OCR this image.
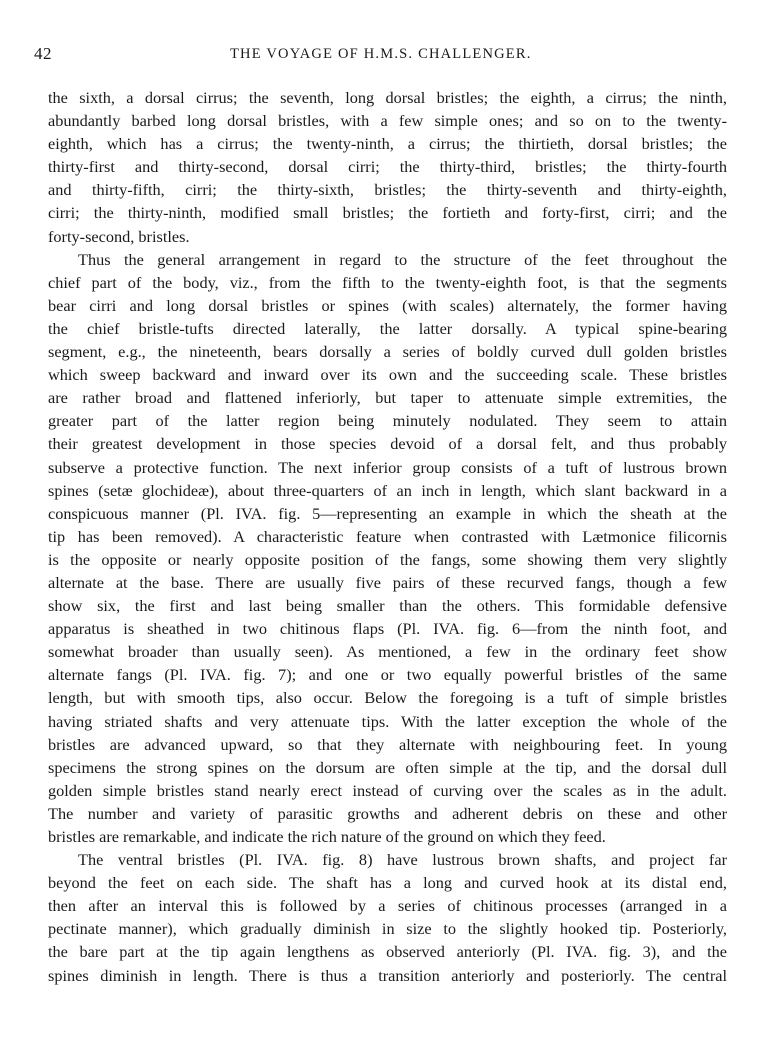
42	THE VOYAGE OF H.M.S. CHALLENGER.
the sixth, a dorsal cirrus; the seventh, long dorsal bristles; the eighth, a cirrus; the ninth,
abundantly barbed long dorsal bristles, with a few simple ones; and so on to the twenty-
eighth, which has a cirrus; the twenty-ninth, a cirrus; the thirtieth, dorsal bristles; the
thirty-first and thirty-second, dorsal cirri; the thirty-third, bristles; the thirty-fourth
and thirty-fifth, cirri; the thirty-sixth, bristles; the thirty-seventh and thirty-eighth,
cirri; the thirty-ninth, modified small bristles; the fortieth and forty-first, cirri; and the
forty-second, bristles.
Thus the general arrangement in regard to the structure of the feet throughout the
chief part of the body, viz., from the fifth to the twenty-eighth foot, is that the segments
bear cirri and long dorsal bristles or spines (with scales) alternately, the former having
the chief bristle-tufts directed laterally, the latter dorsally. A typical spine-bearing
segment, e.g., the nineteenth, bears dorsally a series of boldly curved dull golden bristles
which sweep backward and inward over its own and the succeeding scale. These bristles
are rather broad and flattened inferiorly, but taper to attenuate simple extremities, the
greater part of the latter region being minutely nodulated. They seem to attain
their greatest development in those species devoid of a dorsal felt, and thus probably
subserve a protective function. The next inferior group consists of a tuft of lustrous brown
spines (setæ glochideæ), about three-quarters of an inch in length, which slant backward in a
conspicuous manner (Pl. IVA. fig. 5—representing an example in which the sheath at the
tip has been removed). A characteristic feature when contrasted with Lætmonice filicornis
is the opposite or nearly opposite position of the fangs, some showing them very slightly
alternate at the base. There are usually five pairs of these recurved fangs, though a few
show six, the first and last being smaller than the others. This formidable defensive
apparatus is sheathed in two chitinous flaps (Pl. IVA. fig. 6—from the ninth foot, and
somewhat broader than usually seen). As mentioned, a few in the ordinary feet show
alternate fangs (Pl. IVA. fig. 7); and one or two equally powerful bristles of the same
length, but with smooth tips, also occur. Below the foregoing is a tuft of simple bristles
having striated shafts and very attenuate tips. With the latter exception the whole of the
bristles are advanced upward, so that they alternate with neighbouring feet. In young
specimens the strong spines on the dorsum are often simple at the tip, and the dorsal dull
golden simple bristles stand nearly erect instead of curving over the scales as in the adult.
The number and variety of parasitic growths and adherent debris on these and other
bristles are remarkable, and indicate the rich nature of the ground on which they feed.
The ventral bristles (Pl. IVA. fig. 8) have lustrous brown shafts, and project far
beyond the feet on each side. The shaft has a long and curved hook at its distal end,
then after an interval this is followed by a series of chitinous processes (arranged in a
pectinate manner), which gradually diminish in size to the slightly hooked tip. Posteriorly,
the bare part at the tip again lengthens as observed anteriorly (Pl. IVA. fig. 3), and the
spines diminish in length. There is thus a transition anteriorly and posteriorly. The central
